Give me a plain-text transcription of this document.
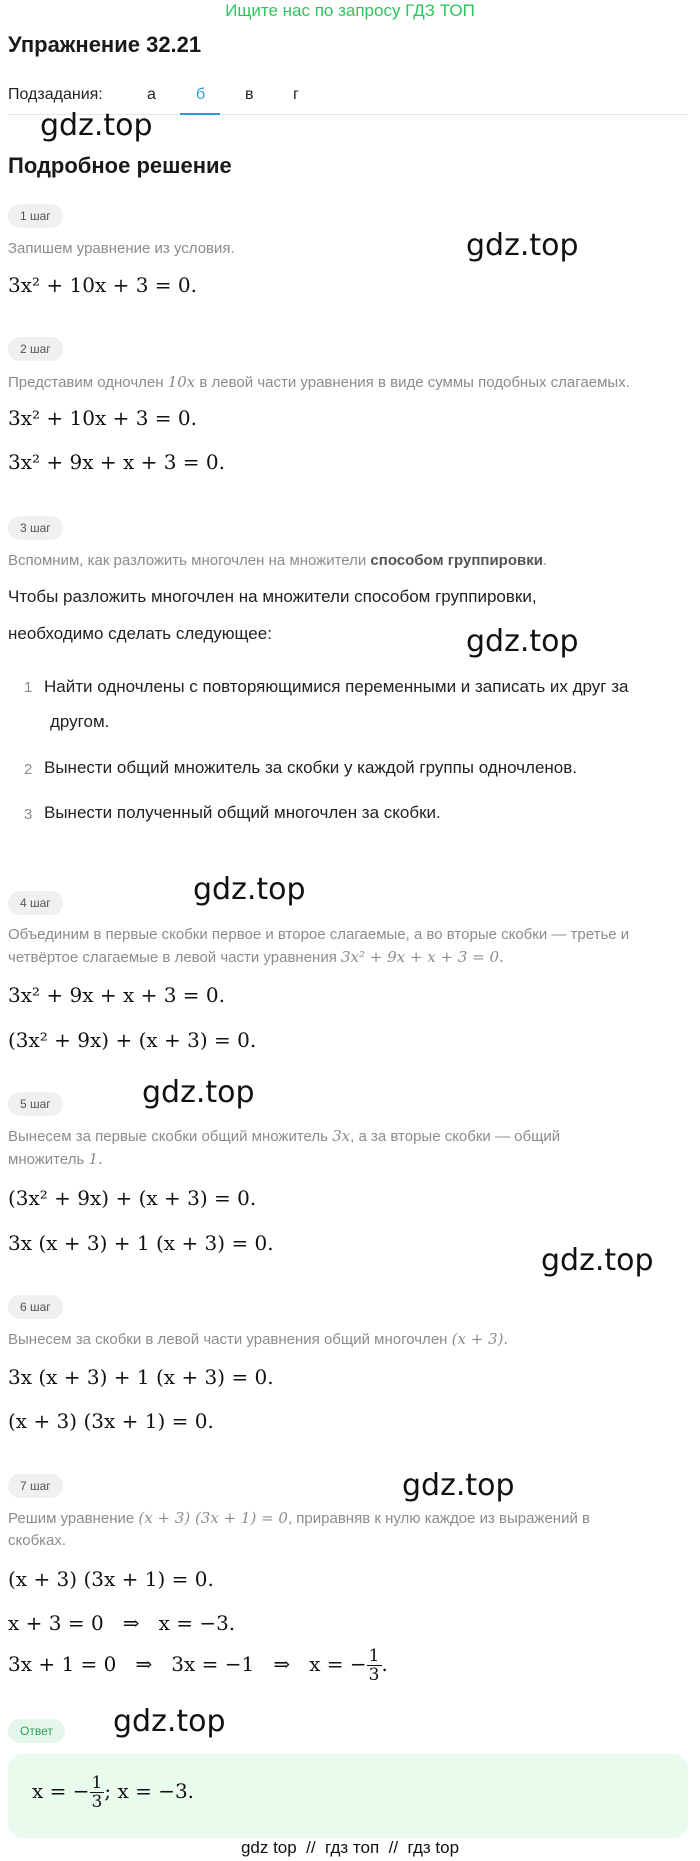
Ищите нас по запросу ГДЗ ТОП
Упражнение 32.21
Подзадания:	а	б в г
gdz.top
Подробное решение
1 шаг
gdz.top
Запишем уравнение из условия.
3x² + 10x + 3 = 0.
2 шаг
Представим одночлен 10x в левой части уравнения в виде суммы подобных слагаемых.
3x² + 10x + 3 = 0.
3x² + 9x + x + 3 = 0.
3 шаг
Вспомним, как разложить многочлен на множители способом группировки.
Чтобы разложить многочлен на множители способом группировки,
необходимо сделать следующее:	gdz.top
1 Найти одночлены с повторяющимися переменными и записать их друг за
другом.
2 Вынести общий множитель за скобки у каждой группы одночленов.
3 Вынести полученный общий многочлен за скобки.
gdz.top
4 шаг
Объединим в первые скобки первое и второе слагаемые, а во вторые скобки — третье и
четвёртое слагаемые в левой части уравнения 3x² + 9x + x + 3 = 0.
3x² + 9x + x + 3 = 0.
(3x² + 9x) + (x + 3) = 0.
gdz.top
5 шаг
Вынесем за первые скобки общий множитель 3x, а за вторые скобки — общий
множитель 1.
(3x² + 9x) + (x + 3) = 0.
3x (x + 3) + 1 (x + 3) = 0.	gdz.top
6 шаг
Вынесем за скобки в левой части уравнения общий многочлен (x + 3).
3x (x + 3) + 1 (x + 3) = 0.
(x + 3) (3x + 1) = 0.
7 шаг	gdz.top
Решим уравнение (x + 3) (3x + 1) = 0, приравняв к нулю каждое из выражений в
скобках.
(x + 3) (3x + 1) = 0.
x + 3 = 0   ⇒   x = −3.
3x + 1 = 0   ⇒   3x = −1   ⇒   x = − $\frac{1}{3}$ .
gdz.top
Ответ
x = − $\frac{1}{3}$ ; x = −3.
gdz top  //  гдз топ  //  гдз top
